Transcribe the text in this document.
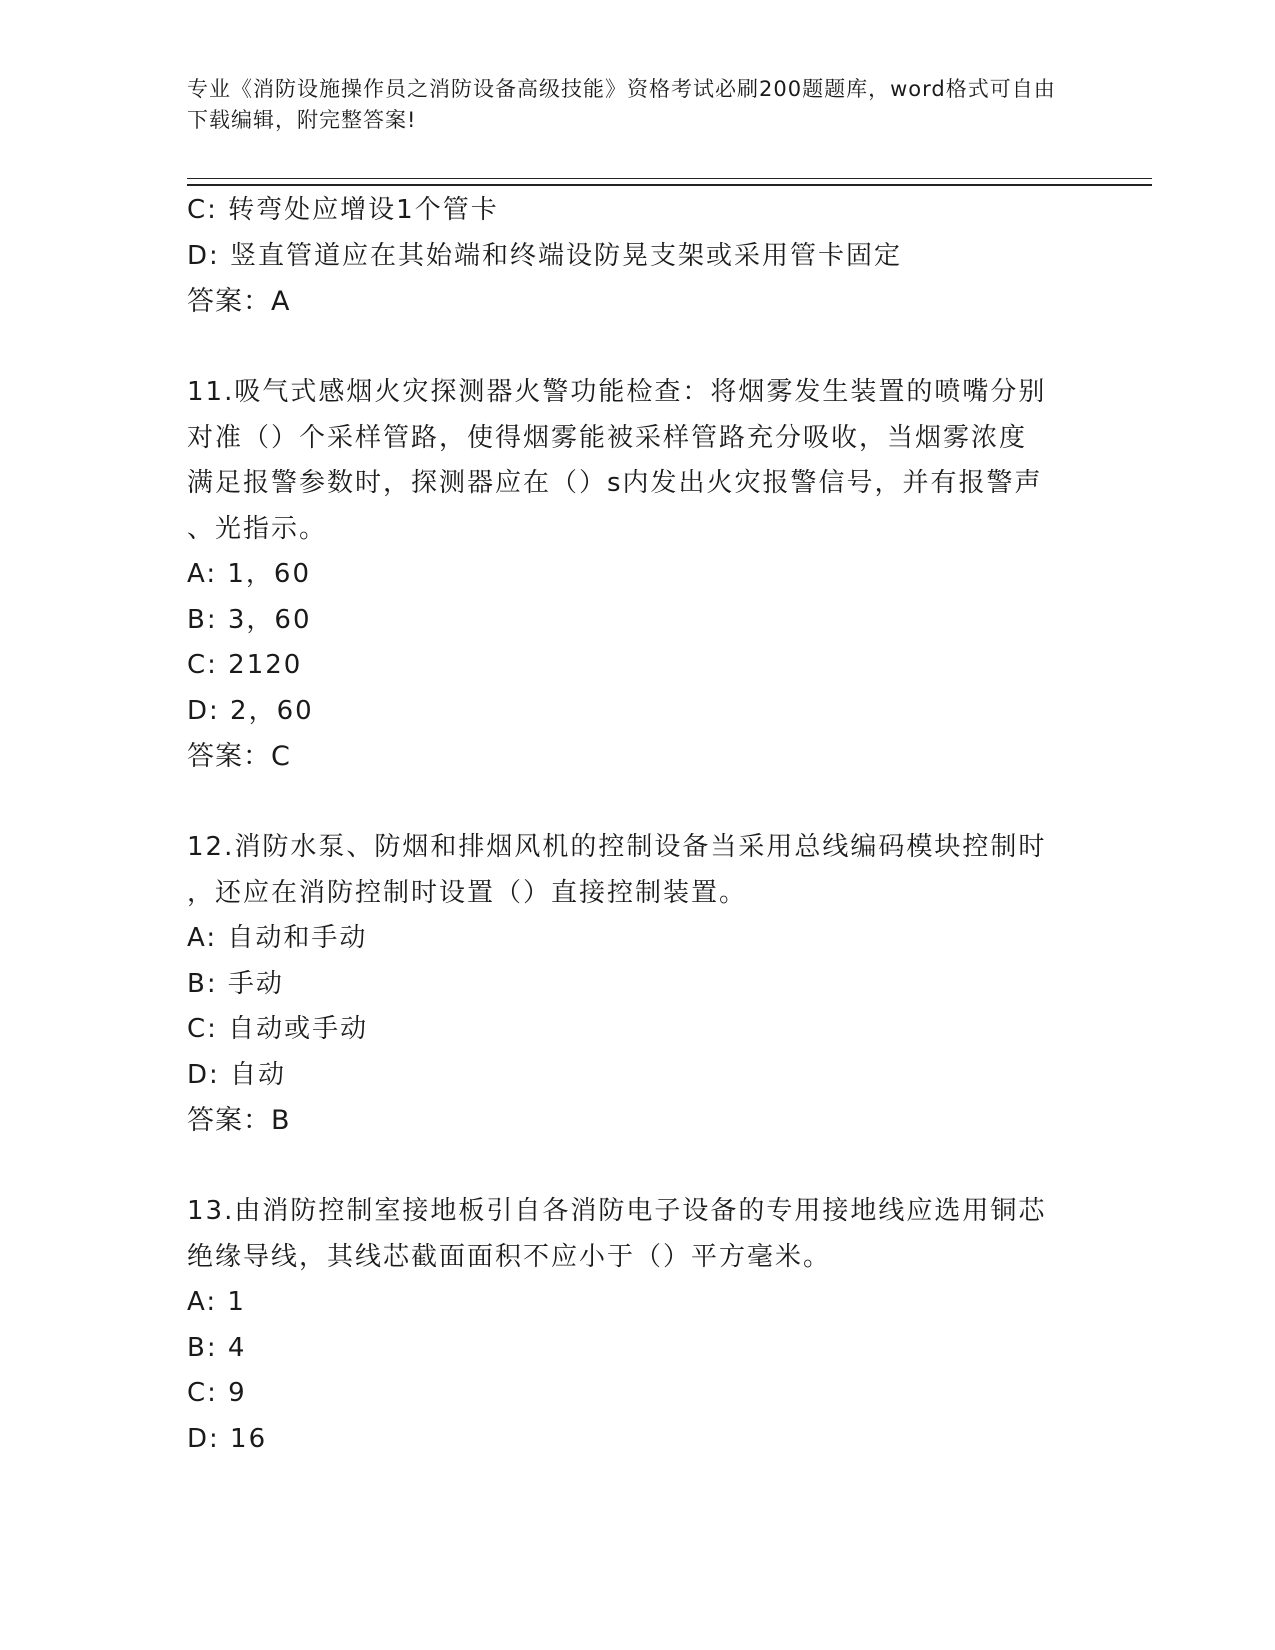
专业《消防设施操作员之消防设备高级技能》资格考试必刷200题题库，word格式可自由下载编辑，附完整答案!
C: 转弯处应增设1个管卡
D: 竖直管道应在其始端和终端设防晃支架或采用管卡固定
答案：A
11.吸气式感烟火灾探测器火警功能检查：将烟雾发生装置的喷嘴分别
对准（）个采样管路，使得烟雾能被采样管路充分吸收，当烟雾浓度
满足报警参数时，探测器应在（）s内发出火灾报警信号，并有报警声
、光指示。
A: 1，60
B: 3，60
C: 2120
D: 2，60
答案：C
12.消防水泵、防烟和排烟风机的控制设备当采用总线编码模块控制时
，还应在消防控制时设置（）直接控制装置。
A: 自动和手动
B: 手动
C: 自动或手动
D: 自动
答案：B
13.由消防控制室接地板引自各消防电子设备的专用接地线应选用铜芯
绝缘导线，其线芯截面面积不应小于（）平方毫米。
A: 1
B: 4
C: 9
D: 16
